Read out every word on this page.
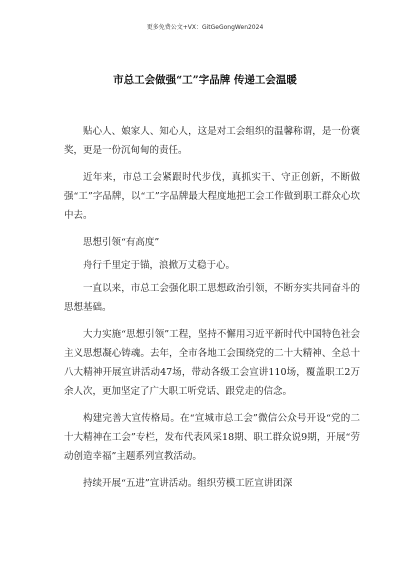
更多免费公文+VX：GitGeGongWen2024
市总工会做强“工”字品牌 传递工会温暖

贴心人、娘家人、知心人，这是对工会组织的温馨称谓，是一份褒奖，更是一份沉甸甸的责任。

近年来，市总工会紧跟时代步伐，真抓实干、守正创新，不断做强“工”字品牌，以“工”字品牌最大程度地把工会工作做到职工群众心坎中去。

思想引领“有高度”

舟行千里定于锚，浪掀万丈稳于心。

一直以来，市总工会强化职工思想政治引领，不断夯实共同奋斗的思想基础。

大力实施“思想引领”工程，坚持不懈用习近平新时代中国特色社会主义思想凝心铸魂。去年，全市各地工会围绕党的二十大精神、全总十八大精神开展宣讲活动47场，带动各级工会宣讲110场，覆盖职工2万余人次，更加坚定了广大职工听党话、跟党走的信念。

构建完善大宣传格局。在“宣城市总工会”微信公众号开设“党的二十大精神在工会”专栏，发布代表风采18期、职工群众说9期，开展“劳动创造幸福”主题系列宣教活动。

持续开展“五进”宣讲活动。组织劳模工匠宣讲团深
